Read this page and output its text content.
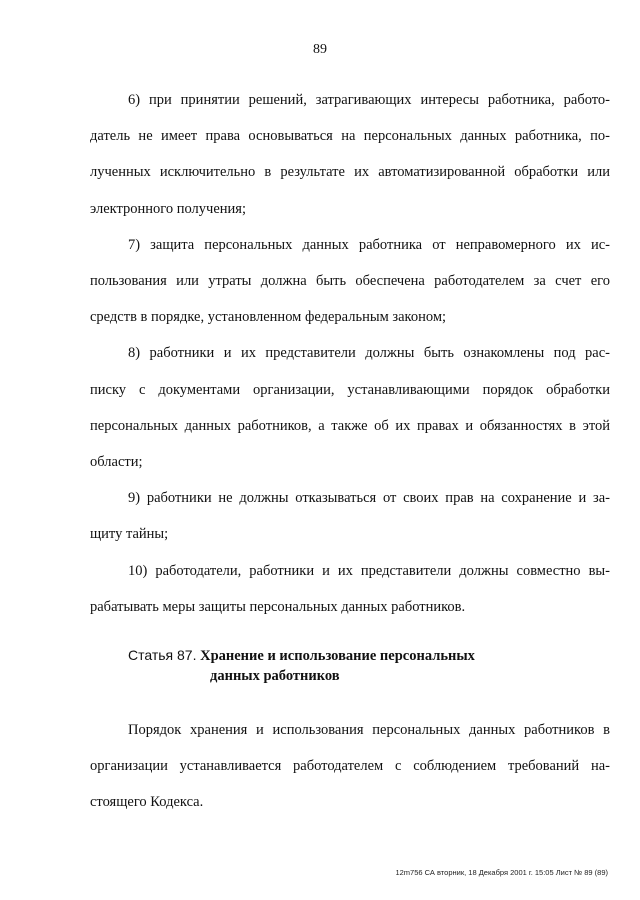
89

6) при принятии решений, затрагивающих интересы работника, работо-
датель не имеет права основываться на персональных данных работника, по-
лученных исключительно в результате их автоматизированной обработки или
электронного получения;

7) защита персональных данных работника от неправомерного их ис-
пользования или утраты должна быть обеспечена работодателем за счет его
средств в порядке, установленном федеральным законом;

8) работники и их представители должны быть ознакомлены под рас-
писку с документами организации, устанавливающими порядок обработки
персональных данных работников, а также об их правах и обязанностях в этой
области;

9) работники не должны отказываться от своих прав на сохранение и за-
щиту тайны;

10) работодатели, работники и их представители должны совместно вы-
рабатывать меры защиты персональных данных работников.

Статья 87. Хранение и использование персональных
данных работников

Порядок хранения и использования персональных данных работников в
организации устанавливается работодателем с соблюдением требований на-
стоящего Кодекса.

12m756 СА вторник, 18 Декабря 2001 г. 15:05 Лист № 89 (89)
